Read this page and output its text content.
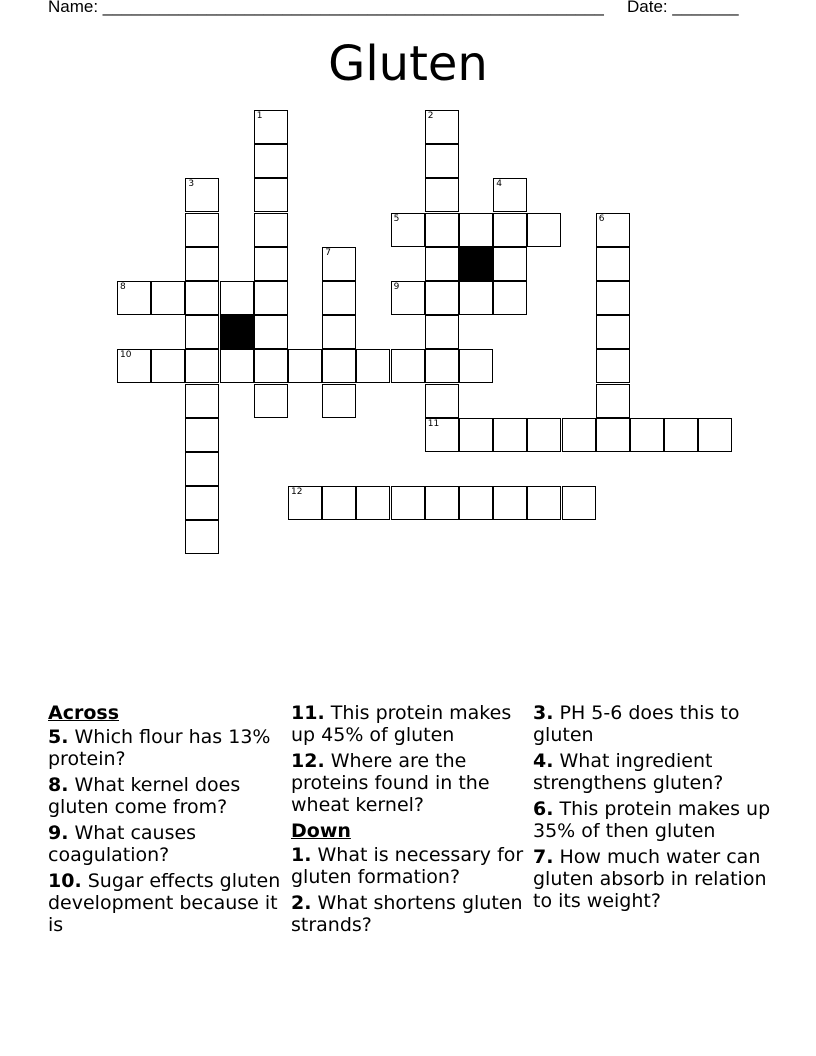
Name: _____________________________________________________ Date: _______
Gluten
1	2
3	4
5	6
7
8	9
10
11
12
Across
5. Which flour has 13% protein?
8. What kernel does gluten come from?
9. What causes coagulation?
10. Sugar effects gluten development because it is
11. This protein makes up 45% of gluten
12. Where are the proteins found in the wheat kernel?
Down
1. What is necessary for gluten formation?
2. What shortens gluten strands?
3. PH 5-6 does this to gluten
4. What ingredient strengthens gluten?
6. This protein makes up 35% of then gluten
7. How much water can gluten absorb in relation to its weight?
